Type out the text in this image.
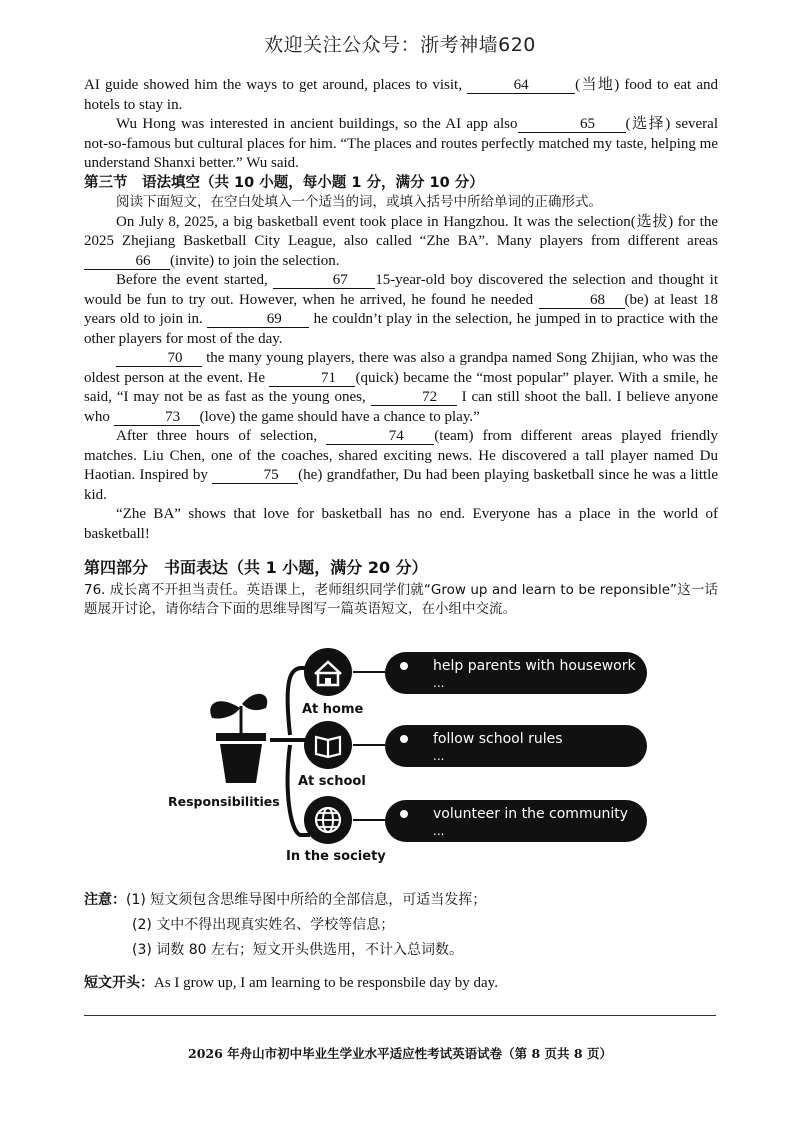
欢迎关注公众号：浙考神墙620

AI guide showed him the ways to get around, places to visit,	64	(当地) food to eat and hotels to stay in.

Wu Hong was interested in ancient buildings, so the AI app also	65 (选择) several not-so-famous but cultural places for him. “The places and routes perfectly matched my taste, helping me understand Shanxi better.” Wu said.

第三节　语法填空（共 10 小题，每小题 1 分，满分 10 分）

阅读下面短文，在空白处填入一个适当的词，或填入括号中所给单词的正确形式。

On July 8, 2025, a big basketball event took place in Hangzhou. It was the selection(选拔) for the 2025 Zhejiang Basketball City League, also called “Zhe BA”. Many players from different areas66 (invite) to join the selection.

Before the event started,	67 15-year-old boy discovered the selection and thought it would be fun to try out. However, when he arrived, he found he needed	68 (be) at least 18 years old to join in.	69 he couldn’t play in the selection, he jumped in to practice with the other players for most of the day.

70 the many young players, there was also a grandpa named Song Zhijian, who was the oldest person at the event. He	71 (quick) became the “most popular” player. With a smile, he said, “I may not be as fast as the young ones,	72 I can still shoot the ball. I believe anyone who	73 (love) the game should have a chance to play.”

After three hours of selection,	74 (team) from different areas played friendly matches. Liu Chen, one of the coaches, shared exciting news. He discovered a tall player named Du Haotian. Inspired by	75 (he) grandfather, Du had been playing basketball since he was a little kid.

“Zhe BA” shows that love for basketball has no end. Everyone has a place in the world of basketball!

第四部分　书面表达（共 1 小题，满分 20 分）

76. 成长离不开担当责任。英语课上，老师组织同学们就“Grow up and learn to be reponsible”这一话题展开讨论，请你结合下面的思维导图写一篇英语短文，在小组中交流。

Responsibilities
At home
help parents with housework
...
At school
follow school rules
...
In the society
volunteer in the community
...
注意：(1) 短文须包含思维导图中所给的全部信息，可适当发挥；
(2) 文中不得出现真实姓名、学校等信息；
(3) 词数 80 左右；短文开头供选用，不计入总词数。
短文开头：As I grow up, I am learning to be responsbile day by day.
2026 年舟山市初中毕业生学业水平适应性考试英语试卷（第 8 页共 8 页）
